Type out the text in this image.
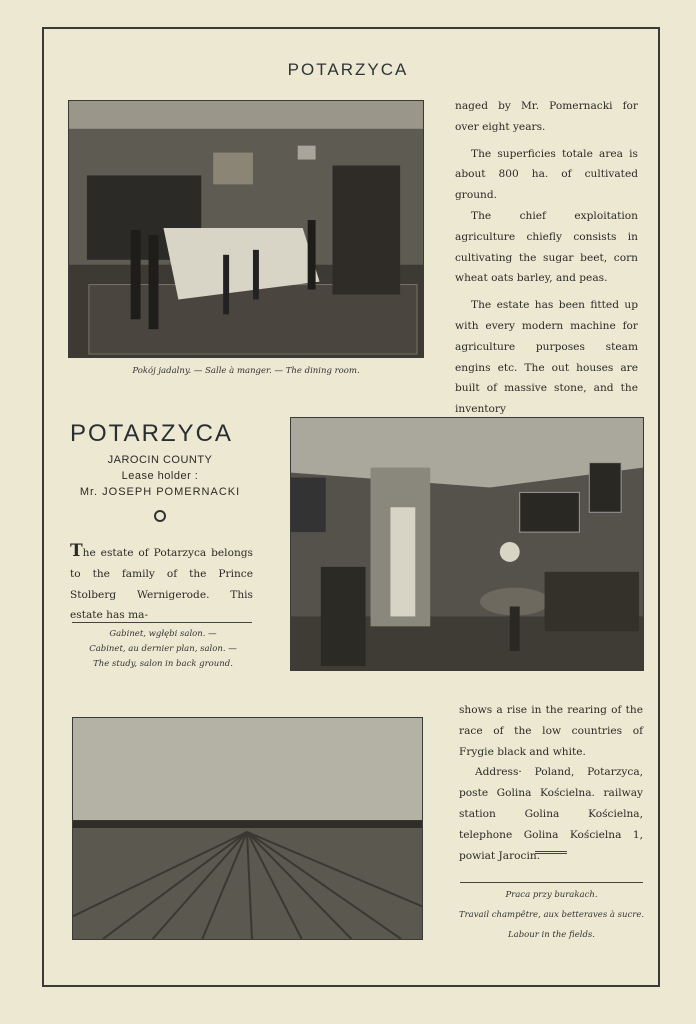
POTARZYCA
Pokój jadalny. — Salle à manger. — The dining room.

naged by Mr. Pomernacki for over eight years.

The superficies totale area is about 800 ha. of cultivated ground.

The chief exploitation agriculture chiefly consists in cultivating the sugar beet, corn wheat oats barley, and peas.

The estate has been fitted up with every modern machine for agriculture purposes steam engins etc. The out houses are built of massive stone, and the inventory

POTARZYCA
JAROCIN COUNTY
Lease holder :
Mr. JOSEPH POMERNACKI

The estate of Potarzyca belongs to the family of the Prince Stolberg Wernigerode. This estate has ma-

Gabinet, wgłębi salon. —
Cabinet, au dernier plan, salon. —
The study, salon in back ground.

shows a rise in the rearing of the race of the low countries of Frygie black and white.

Address· Poland, Potarzyca, poste Golina Kościelna. railway station Golina Kościelna, telephone Golina Kościelna 1, powiat Jarocin.

Praca przy burakach.
Travail champêtre, aux betteraves à sucre.
Labour in the fields.
